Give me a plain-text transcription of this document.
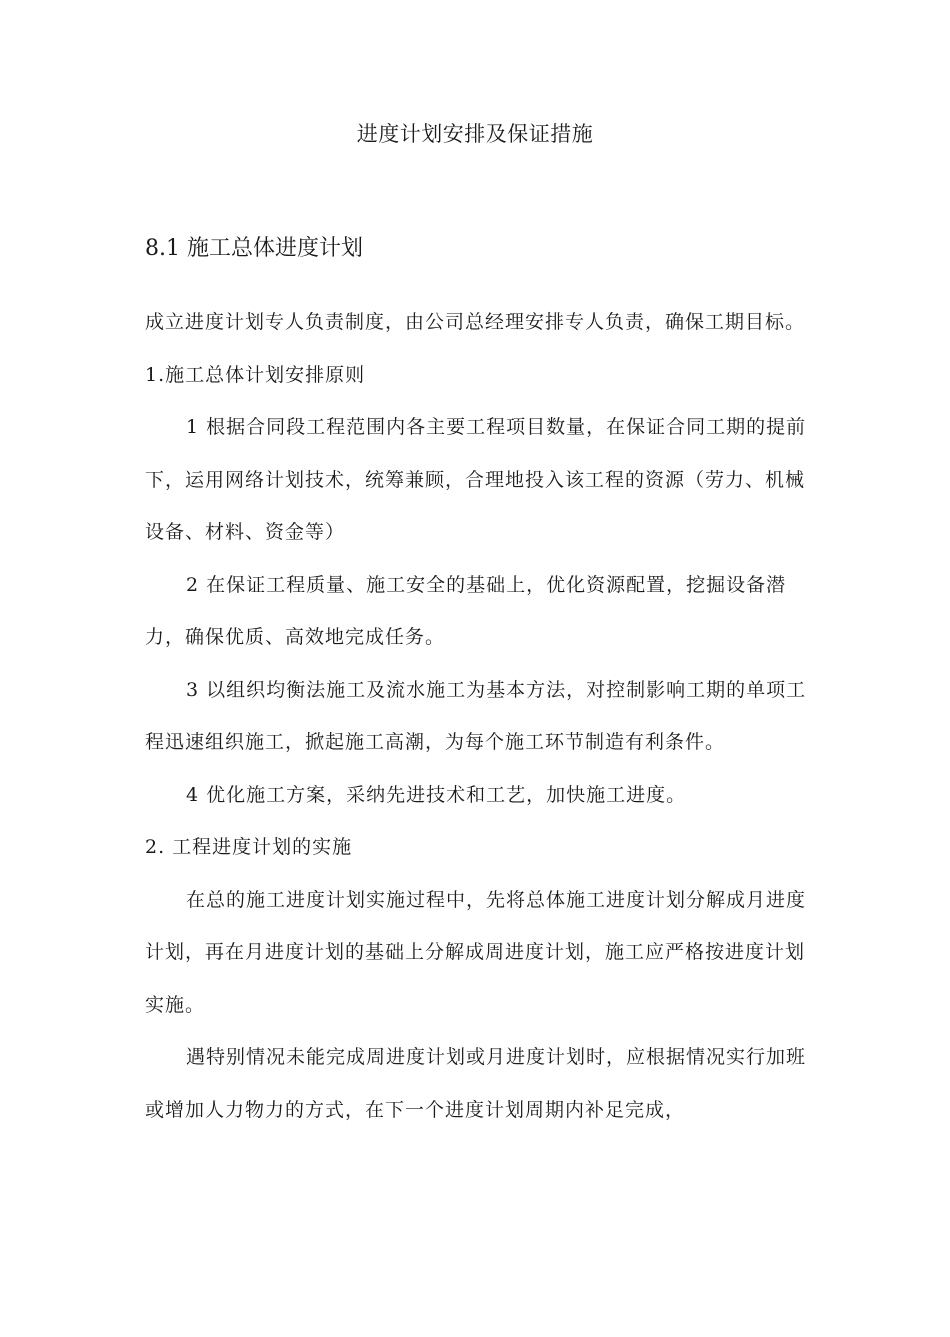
进度计划安排及保证措施
8.1 施工总体进度计划

成立进度计划专人负责制度，由公司总经理安排专人负责，确保工期目标。

1.施工总体计划安排原则

1 根据合同段工程范围内各主要工程项目数量，在保证合同工期的提前下，运用网络计划技术，统筹兼顾，合理地投入该工程的资源（劳力、机械设备、材料、资金等）

2 在保证工程质量、施工安全的基础上，优化资源配置，挖掘设备潜力，确保优质、高效地完成任务。

3 以组织均衡法施工及流水施工为基本方法，对控制影响工期的单项工程迅速组织施工，掀起施工高潮，为每个施工环节制造有利条件。

4 优化施工方案，采纳先进技术和工艺，加快施工进度。

2. 工程进度计划的实施

在总的施工进度计划实施过程中，先将总体施工进度计划分解成月进度计划，再在月进度计划的基础上分解成周进度计划，施工应严格按进度计划实施。

遇特别情况未能完成周进度计划或月进度计划时，应根据情况实行加班或增加人力物力的方式，在下一个进度计划周期内补足完成，
